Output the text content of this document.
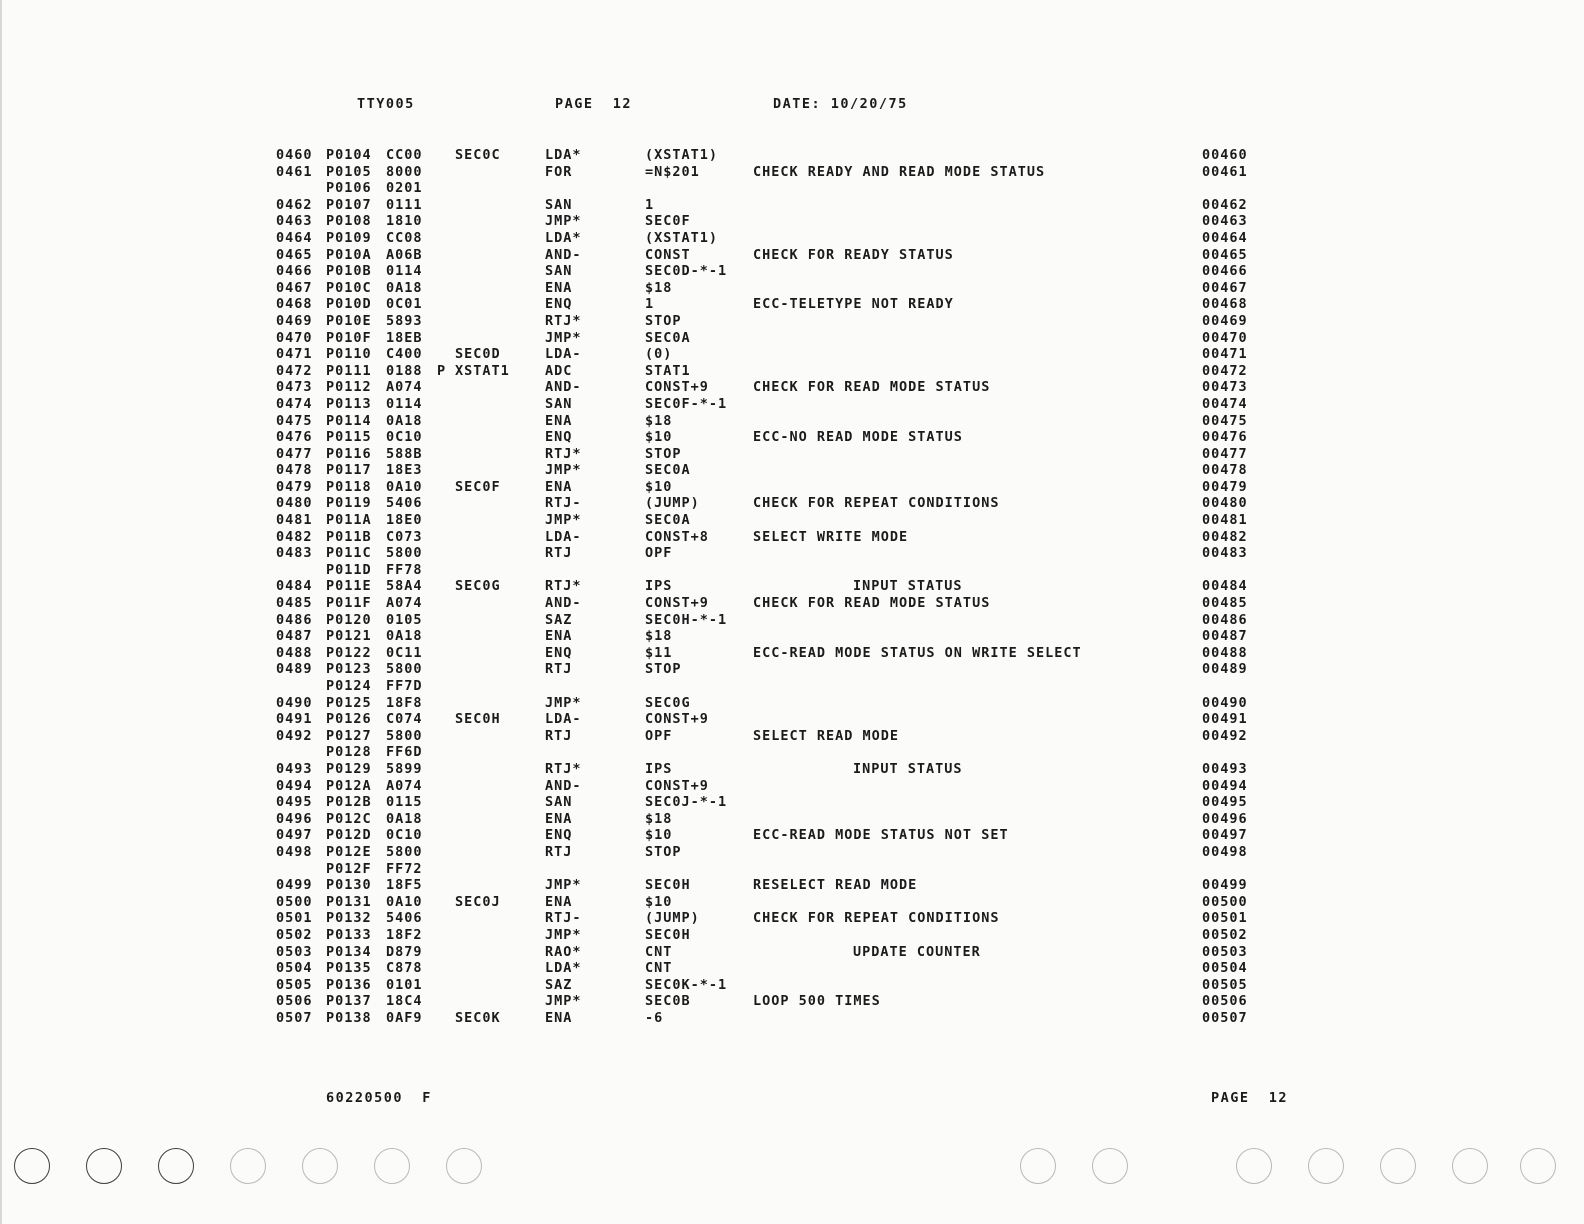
TTY005	PAGE  12	DATE: 10/20/75
0460 P0104 CC00 SEC0C	LDA*	(XSTAT1)	00460
0461 P0105 8000	FOR	=N$201	CHECK READY AND READ MODE STATUS	00461
P0106 0201
0462 P0107 0111	SAN	1	00462
0463 P0108 1810	JMP*	SEC0F	00463
0464 P0109 CC08	LDA*	(XSTAT1)	00464
0465 P010A A06B	AND-	CONST	CHECK FOR READY STATUS	00465
0466 P010B 0114	SAN	SEC0D-*-1	00466
0467 P010C 0A18	ENA	$18	00467
0468 P010D 0C01	ENQ	1	ECC-TELETYPE NOT READY	00468
0469 P010E 5893	RTJ*	STOP	00469
0470 P010F 18EB	JMP*	SEC0A	00470
0471 P0110 C400 SEC0D	LDA-	(0)	00471
0472 P0111 0188 P XSTAT1	ADC	STAT1	00472
0473 P0112 A074	AND-	CONST+9	CHECK FOR READ MODE STATUS	00473
0474 P0113 0114	SAN	SEC0F-*-1	00474
0475 P0114 0A18	ENA	$18	00475
0476 P0115 0C10	ENQ	$10	ECC-NO READ MODE STATUS	00476
0477 P0116 588B	RTJ*	STOP	00477
0478 P0117 18E3	JMP*	SEC0A	00478
0479 P0118 0A10 SEC0F	ENA	$10	00479
0480 P0119 5406	RTJ-	(JUMP)	CHECK FOR REPEAT CONDITIONS	00480
0481 P011A 18E0	JMP*	SEC0A	00481
0482 P011B C073	LDA-	CONST+8	SELECT WRITE MODE	00482
0483 P011C 5800	RTJ	OPF	00483
P011D FF78
0484 P011E 58A4 SEC0G	RTJ*	IPS	INPUT STATUS	00484
0485 P011F A074	AND-	CONST+9	CHECK FOR READ MODE STATUS	00485
0486 P0120 0105	SAZ	SEC0H-*-1	00486
0487 P0121 0A18	ENA	$18	00487
0488 P0122 0C11	ENQ	$11	ECC-READ MODE STATUS ON WRITE SELECT	00488
0489 P0123 5800	RTJ	STOP	00489
P0124 FF7D
0490 P0125 18F8	JMP*	SEC0G	00490
0491 P0126 C074 SEC0H	LDA-	CONST+9	00491
0492 P0127 5800	RTJ	OPF	SELECT READ MODE	00492
P0128 FF6D
0493 P0129 5899	RTJ*	IPS	INPUT STATUS	00493
0494 P012A A074	AND-	CONST+9	00494
0495 P012B 0115	SAN	SEC0J-*-1	00495
0496 P012C 0A18	ENA	$18	00496
0497 P012D 0C10	ENQ	$10	ECC-READ MODE STATUS NOT SET	00497
0498 P012E 5800	RTJ	STOP	00498
P012F FF72
0499 P0130 18F5	JMP*	SEC0H	RESELECT READ MODE	00499
0500 P0131 0A10 SEC0J	ENA	$10	00500
0501 P0132 5406	RTJ-	(JUMP)	CHECK FOR REPEAT CONDITIONS	00501
0502 P0133 18F2	JMP*	SEC0H	00502
0503 P0134 D879	RAO*	CNT	UPDATE COUNTER	00503
0504 P0135 C878	LDA*	CNT	00504
0505 P0136 0101	SAZ	SEC0K-*-1	00505
0506 P0137 18C4	JMP*	SEC0B	LOOP 500 TIMES	00506
0507 P0138 0AF9 SEC0K	ENA	-6	00507
60220500  F	PAGE  12
